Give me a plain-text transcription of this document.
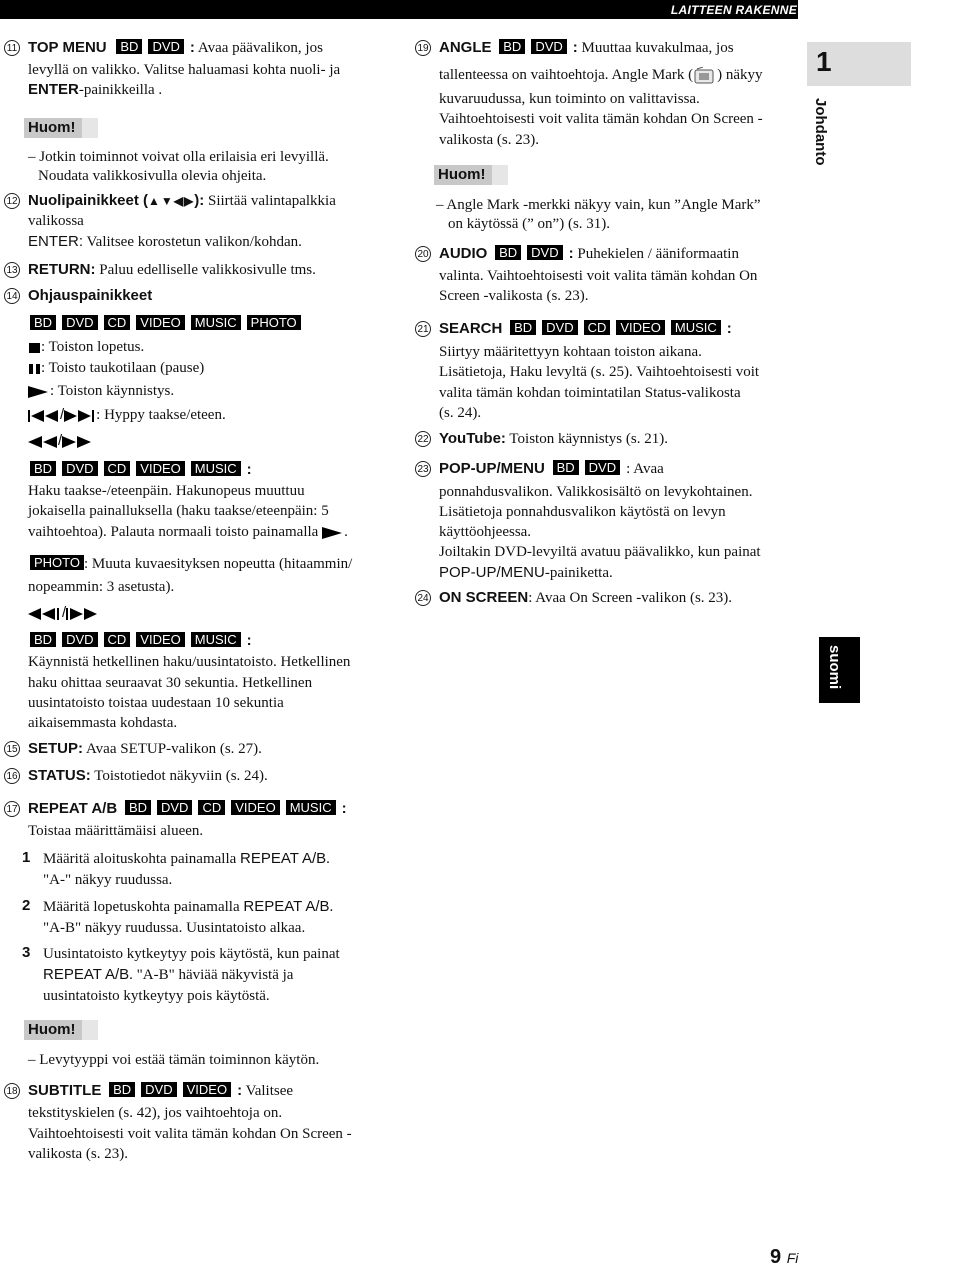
LAITTEEN RAKENNE
1
Johdanto
suomi
11 TOP MENU BD DVD : Avaa päävalikon, jos
levyllä on valikko. Valitse haluamasi kohta nuoli- ja
ENTER-painikkeilla .
Huom!
– Jotkin toiminnot voivat olla erilaisia eri levyillä.
Noudata valikkosivulla olevia ohjeita.
12 Nuolipainikkeet (▲▼◀▶): Siirtää valintapalkkia
valikossa
ENTER: Valitsee korostetun valikon/kohdan.
13 RETURN: Paluu edelliselle valikkosivulle tms.
14 Ohjauspainikkeet
BD DVD CD VIDEO MUSIC PHOTO
: Toiston lopetus.
: Toisto taukotilaan (pause)
: Toiston käynnistys.
/ : Hyppy taakse/eteen.
/
BD DVD CD VIDEO MUSIC :
Haku taakse-/eteenpäin. Hakunopeus muuttuu
jokaisella painalluksella (haku taakse/eteenpäin: 5
vaihtoehtoa). Palauta normaali toisto painamalla .
PHOTO : Muuta kuvaesityksen nopeutta (hitaammin/
nopeammin: 3 asetusta).
/
BD DVD CD VIDEO MUSIC :
Käynnistä hetkellinen haku/uusintatoisto. Hetkellinen
haku ohittaa seuraavat 30 sekuntia. Hetkellinen
uusintatoisto toistaa uudestaan 10 sekuntia
aikaisemmasta kohdasta.
15 SETUP: Avaa SETUP-valikon (s. 27).
16 STATUS: Toistotiedot näkyviin (s. 24).
17 REPEAT A/B BD DVD CD VIDEO MUSIC :
Toistaa määrittämäisi alueen.
1 Määritä aloituskohta painamalla REPEAT A/B.
"A-" näkyy ruudussa.
2 Määritä lopetuskohta painamalla REPEAT A/B.
"A-B" näkyy ruudussa. Uusintatoisto alkaa.
3 Uusintatoisto kytkeytyy pois käytöstä, kun painat
REPEAT A/B. "A-B" häviää näkyvistä ja
uusintatoisto kytkeytyy pois käytöstä.
Huom!
– Levytyyppi voi estää tämän toiminnon käytön.
18 SUBTITLE BD DVD VIDEO : Valitsee
tekstityskielen (s. 42), jos vaihtoehtoja on.
Vaihtoehtoisesti voit valita tämän kohdan On Screen -
valikosta (s. 23).
19 ANGLE BD DVD : Muuttaa kuvakulmaa, jos
tallenteessa on vaihtoehtoja. Angle Mark ( ) näkyy
kuvaruudussa, kun toiminto on valittavissa.
Vaihtoehtoisesti voit valita tämän kohdan On Screen -
valikosta (s. 23).
Huom!
– Angle Mark -merkki näkyy vain, kun ”Angle Mark”
on käytössä (” on”) (s. 31).
20 AUDIO BD DVD : Puhekielen / ääniformaatin
valinta. Vaihtoehtoisesti voit valita tämän kohdan On
Screen -valikosta (s. 23).
21 SEARCH BD DVD CD VIDEO MUSIC :
Siirtyy määritettyyn kohtaan toiston aikana.
Lisätietoja, Haku levyltä (s. 25). Vaihtoehtoisesti voit
valita tämän kohdan toimintatilan Status-valikosta
(s. 24).
22 YouTube: Toiston käynnistys (s. 21).
23 POP-UP/MENU BD DVD : Avaa
ponnahdusvalikon. Valikkosisältö on levykohtainen.
Lisätietoja ponnahdusvalikon käytöstä on levyn
käyttöohjeessa.
Joiltakin DVD-levyiltä avatuu päävalikko, kun painat
POP-UP/MENU-painiketta.
24 ON SCREEN: Avaa On Screen -valikon (s. 23).
9 Fi
